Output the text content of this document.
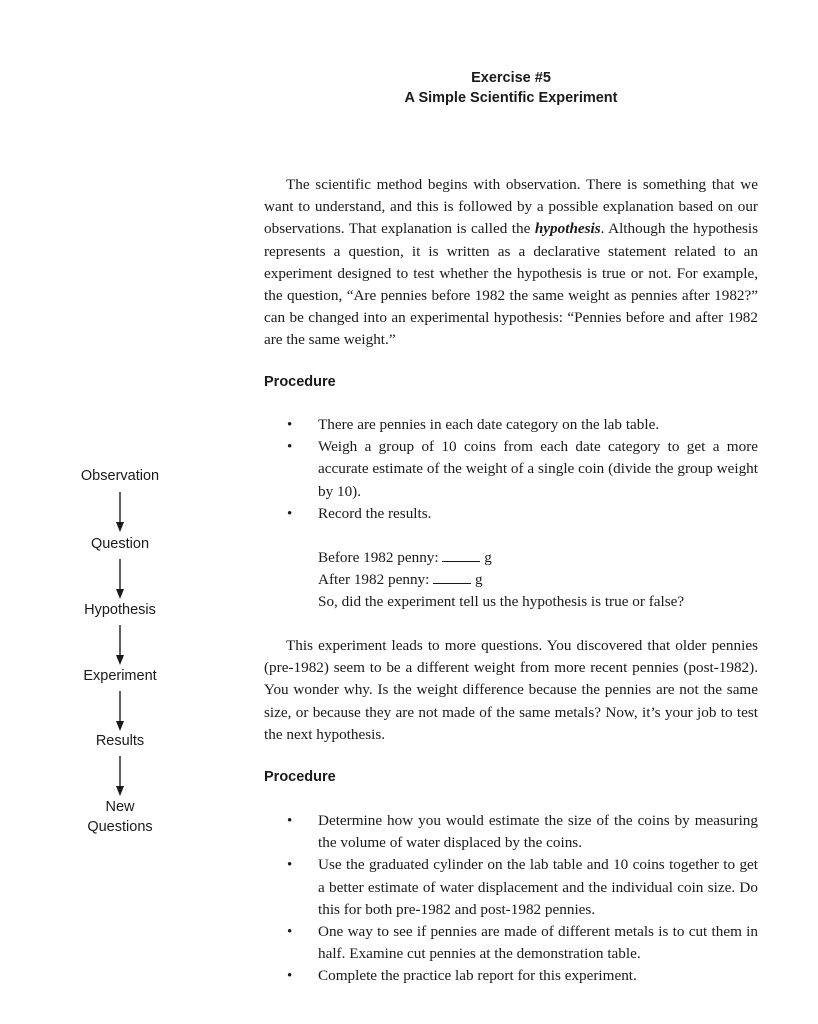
Exercise #5
A Simple Scientific Experiment

The scientific method begins with observation. There is something that we want to understand, and this is followed by a possible explanation based on our observations. That explanation is called the hypothesis. Although the hypothesis represents a question, it is written as a declarative statement related to an experiment designed to test whether the hypothesis is true or not. For example, the question, “Are pennies before 1982 the same weight as pennies after 1982?” can be changed into an experimental hypothesis: “Pennies before and after 1982 are the same weight.”

Procedure
• There are pennies in each date category on the lab table.
• Weigh a group of 10 coins from each date category to get a more accurate estimate of the weight of a single coin (divide the group weight by 10).
• Record the results.
Before 1982 penny:	g
After 1982 penny:	g
So, did the experiment tell us the hypothesis is true or false?

This experiment leads to more questions. You discovered that older pennies (pre-1982) seem to be a different weight from more recent pennies (post-1982). You wonder why. Is the weight difference because the pennies are not the same size, or because they are not made of the same metals? Now, it’s your job to test the next hypothesis.

Procedure
• Determine how you would estimate the size of the coins by measuring the volume of water displaced by the coins.
• Use the graduated cylinder on the lab table and 10 coins together to get a better estimate of water displacement and the individual coin size. Do this for both pre-1982 and post-1982 pennies.
• One way to see if pennies are made of different metals is to cut them in half. Examine cut pennies at the demonstration table.
• Complete the practice lab report for this experiment.
Observation
Question
Hypothesis
Experiment
Results
New
Questions
